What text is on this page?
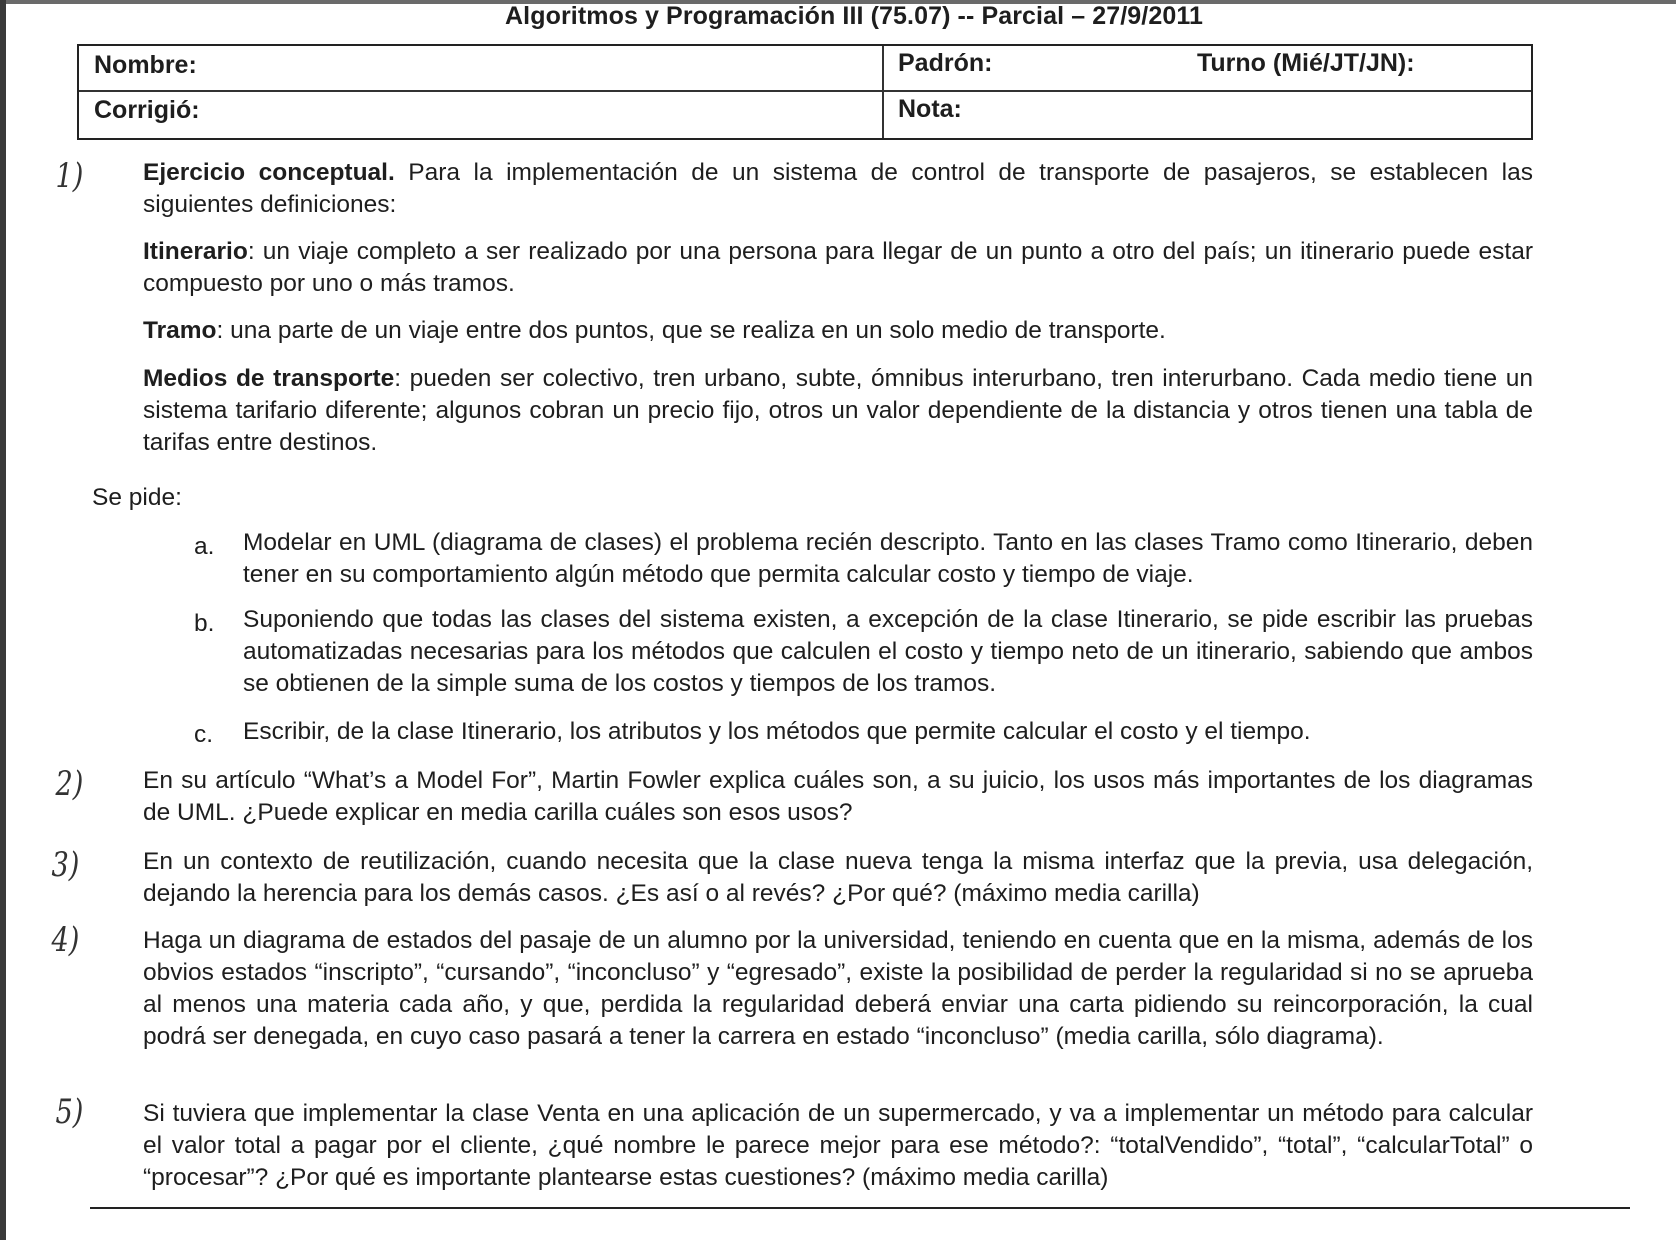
Algoritmos y Programación III (75.07) -- Parcial – 27/9/2011
Nombre:	Padrón:	Turno (Mié/JT/JN):
Corrigió:	Nota:
1) Ejercicio conceptual. Para la implementación de un sistema de control de transporte de pasajeros, se establecen las siguientes definiciones:
Itinerario: un viaje completo a ser realizado por una persona para llegar de un punto a otro del país; un itinerario puede estar compuesto por uno o más tramos.
Tramo: una parte de un viaje entre dos puntos, que se realiza en un solo medio de transporte.
Medios de transporte: pueden ser colectivo, tren urbano, subte, ómnibus interurbano, tren interurbano. Cada medio tiene un sistema tarifario diferente; algunos cobran un precio fijo, otros un valor dependiente de la distancia y otros tienen una tabla de tarifas entre destinos.
Se pide:
a. Modelar en UML (diagrama de clases) el problema recién descripto. Tanto en las clases Tramo como Itinerario, deben tener en su comportamiento algún método que permita calcular costo y tiempo de viaje.
b. Suponiendo que todas las clases del sistema existen, a excepción de la clase Itinerario, se pide escribir las pruebas automatizadas necesarias para los métodos que calculen el costo y tiempo neto de un itinerario, sabiendo que ambos se obtienen de la simple suma de los costos y tiempos de los tramos.
c. Escribir, de la clase Itinerario, los atributos y los métodos que permite calcular el costo y el tiempo.
2) En su artículo “What’s a Model For”, Martin Fowler explica cuáles son, a su juicio, los usos más importantes de los diagramas de UML. ¿Puede explicar en media carilla cuáles son esos usos?
3)	En un contexto de reutilización, cuando necesita que la clase nueva tenga la misma interfaz que la previa, usa delegación, dejando la herencia para los demás casos. ¿Es así o al revés? ¿Por qué? (máximo media carilla)
4)	Haga un diagrama de estados del pasaje de un alumno por la universidad, teniendo en cuenta que en la misma, además de los obvios estados “inscripto”, “cursando”, “inconcluso” y “egresado”, existe la posibilidad de perder la regularidad si no se aprueba al menos una materia cada año, y que, perdida la regularidad deberá enviar una carta pidiendo su reincorporación, la cual podrá ser denegada, en cuyo caso pasará a tener la carrera en estado “inconcluso” (media carilla, sólo diagrama).
5) Si tuviera que implementar la clase Venta en una aplicación de un supermercado, y va a implementar un método para calcular el valor total a pagar por el cliente, ¿qué nombre le parece mejor para ese método?: “totalVendido”, “total”, “calcularTotal” o “procesar”? ¿Por qué es importante plantearse estas cuestiones? (máximo media carilla)
